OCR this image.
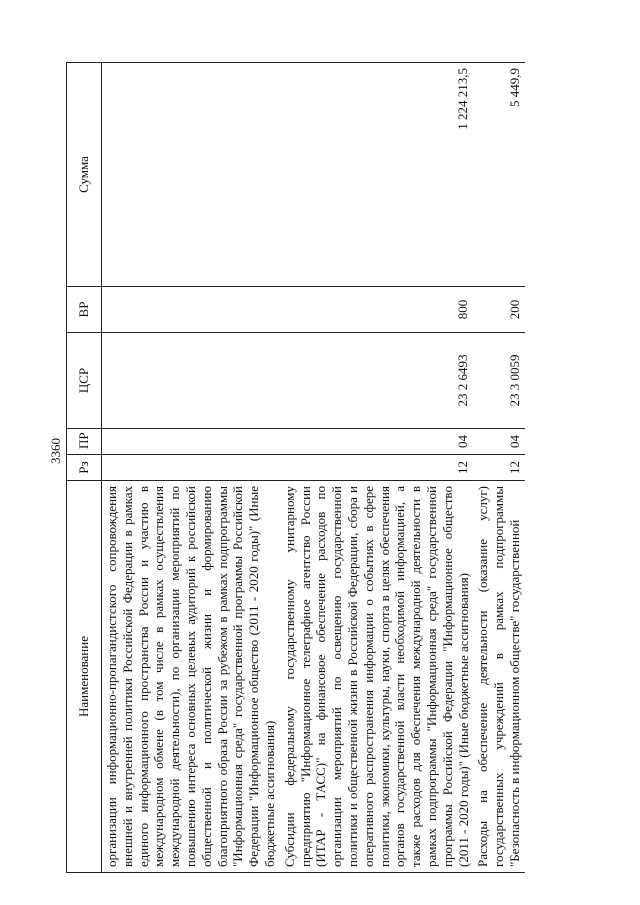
3360
Наименование	Рз	ПР	ЦСР	ВР	Сумма
организации информационно-пропагандистского сопровождения внешней и внутренней политики Российской Федерации в рамках единого информационного пространства России и участию в международном обмене (в том числе в рамках осуществления международной деятельности), по организации мероприятий по повышению интереса основных целевых аудиторий к российской общественной и политической жизни и формированию благоприятного образа России за рубежом в рамках подпрограммы "Информационная среда" государственной программы Российской Федерации "Информационное общество (2011 - 2020 годы)" (Иные бюджетные ассигнования)					
Субсидии федеральному государственному унитарному предприятию "Информационное телеграфное агентство России (ИТАР - ТАСС)" на финансовое обеспечение расходов по организации мероприятий по освещению государственной политики и общественной жизни в Российской Федерации, сбора и оперативного распространения информации о событиях в сфере политики, экономики, культуры, науки, спорта в целях обеспечения органов государственной власти необходимой информацией, а также расходов для обеспечения международной деятельности в рамках подпрограммы "Информационная среда" государственной программы Российской Федерации "Информационное общество (2011 - 2020 годы)" (Иные бюджетные ассигнования)	12	04	23 2 6493	800	1 224 213,5
Расходы на обеспечение деятельности (оказание услуг) государственных учреждений в рамках подпрограммы "Безопасность в информационном обществе" государственной	12	04	23 3 0059	200	5 449,9
